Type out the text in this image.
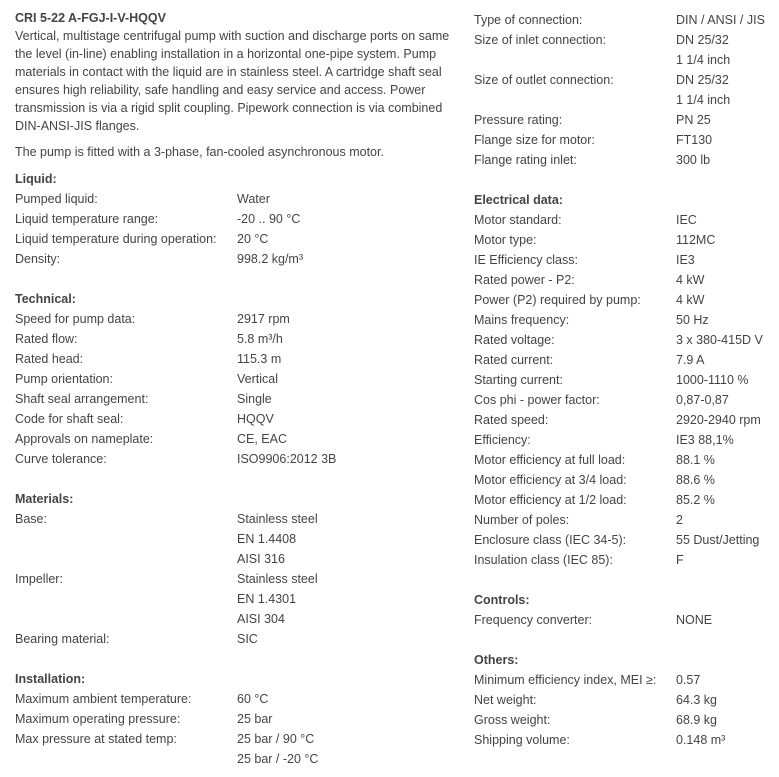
CRI 5-22 A-FGJ-I-V-HQQV

Vertical, multistage centrifugal pump with suction and discharge ports on same the level (in-line) enabling installation in a horizontal one-pipe system. Pump materials in contact with the liquid are in stainless steel. A cartridge shaft seal ensures high reliability, safe handling and easy service and access. Power transmission is via a rigid split coupling. Pipework connection is via combined DIN-ANSI-JIS flanges.

The pump is fitted with a 3-phase, fan-cooled asynchronous motor.

Liquid:
Pumped liquid:	Water
Liquid temperature range:	-20 .. 90 °C
Liquid temperature during operation:	20 °C
Density:	998.2 kg/m³
Technical:
Speed for pump data:	2917 rpm
Rated flow:	5.8 m³/h
Rated head:	115.3 m
Pump orientation:	Vertical
Shaft seal arrangement:	Single
Code for shaft seal:	HQQV
Approvals on nameplate:	CE, EAC
Curve tolerance:	ISO9906:2012 3B
Materials:
Base:	Stainless steel
EN 1.4408
AISI 316
Impeller:	Stainless steel
EN 1.4301
AISI 304
Bearing material:	SIC
Installation:
Maximum ambient temperature:	60 °C
Maximum operating pressure:	25 bar
Max pressure at stated temp:	25 bar / 90 °C
25 bar / -20 °C
Type of connection:	DIN / ANSI / JIS
Size of inlet connection:	DN 25/32
1 1/4 inch
Size of outlet connection:	DN 25/32
1 1/4 inch
Pressure rating:	PN 25
Flange size for motor:	FT130
Flange rating inlet:	300 lb
Electrical data:
Motor standard:	IEC
Motor type:	112MC
IE Efficiency class:	IE3
Rated power - P2:	4 kW
Power (P2) required by pump:	4 kW
Mains frequency:	50 Hz
Rated voltage:	3 x 380-415D V
Rated current:	7.9 A
Starting current:	1000-1110 %
Cos phi - power factor:	0,87-0,87
Rated speed:	2920-2940 rpm
Efficiency:	IE3 88,1%
Motor efficiency at full load:	88.1 %
Motor efficiency at 3/4 load:	88.6 %
Motor efficiency at 1/2 load:	85.2 %
Number of poles:	2
Enclosure class (IEC 34-5):	55 Dust/Jetting
Insulation class (IEC 85):	F
Controls:
Frequency converter:	NONE
Others:
Minimum efficiency index, MEI ≥:	0.57
Net weight:	64.3 kg
Gross weight:	68.9 kg
Shipping volume:	0.148 m³
